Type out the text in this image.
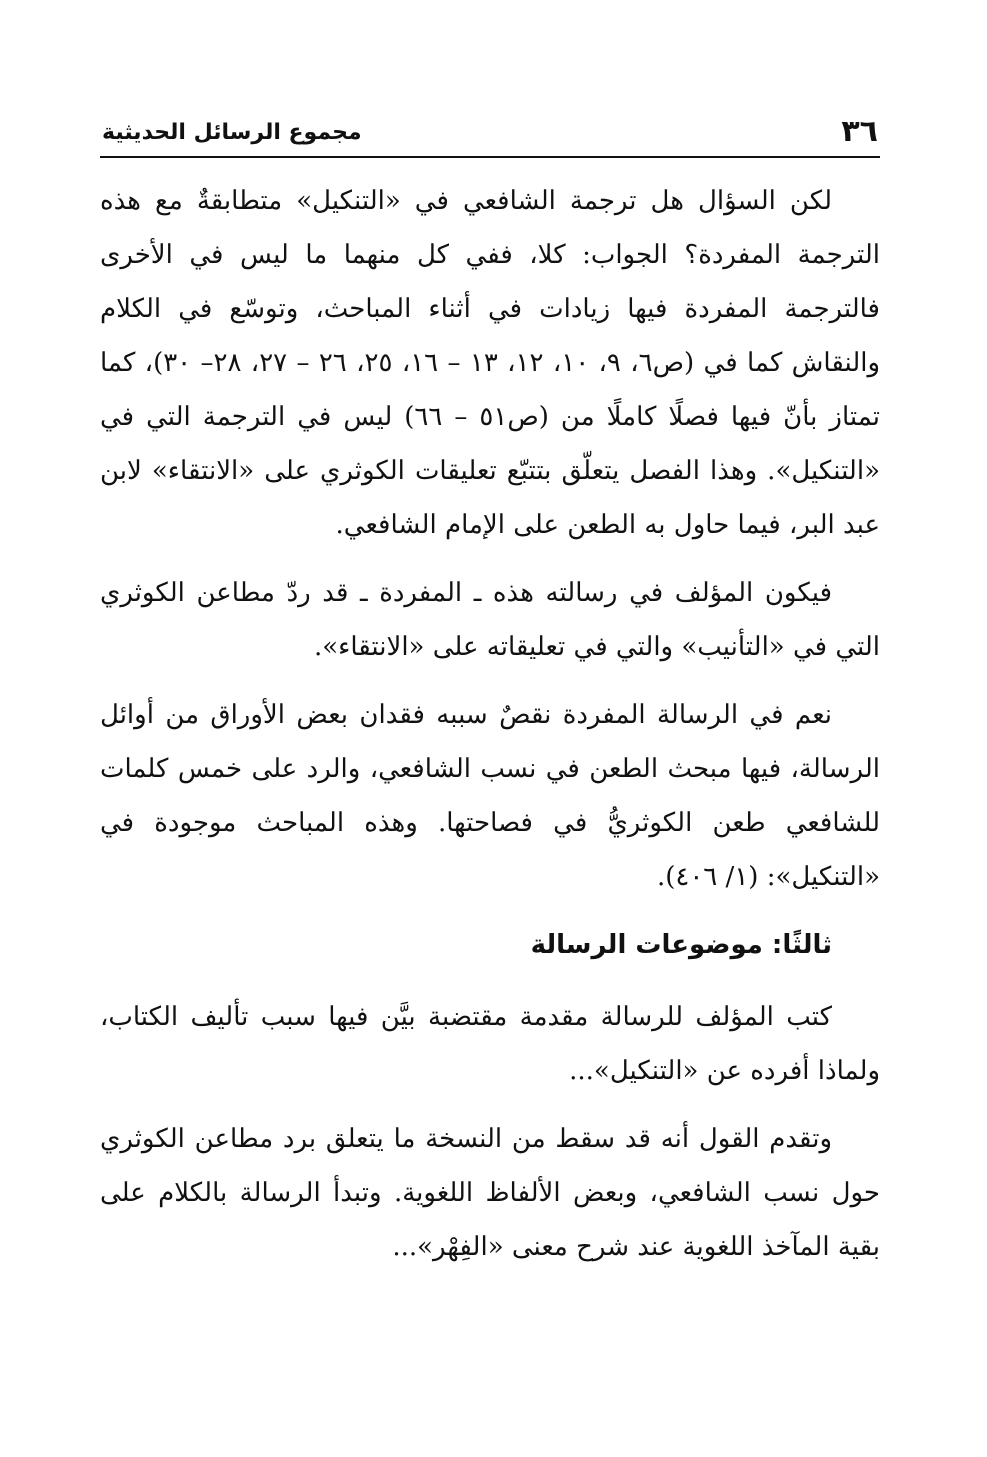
٣٦
مجموع الرسائل الحديثية

لكن السؤال هل ترجمة الشافعي في «التنكيل» متطابقةٌ مع هذه الترجمة المفردة؟ الجواب: كلا، ففي كل منهما ما ليس في الأخرى فالترجمة المفردة فيها زيادات في أثناء المباحث، وتوسّع في الكلام والنقاش كما في (ص٦، ٩، ١٠، ١٢، ١٣ – ١٦، ٢٥، ٢٦ – ٢٧، ٢٨– ٣٠)، كما تمتاز بأنّ فيها فصلًا كاملًا من (ص٥١ – ٦٦) ليس في الترجمة التي في «التنكيل». وهذا الفصل يتعلّق بتتبّع تعليقات الكوثري على «الانتقاء» لابن عبد البر، فيما حاول به الطعن على الإمام الشافعي.

فيكون المؤلف في رسالته هذه ـ المفردة ـ قد ردّ مطاعن الكوثري التي في «التأنيب» والتي في تعليقاته على «الانتقاء».

نعم في الرسالة المفردة نقصٌ سببه فقدان بعض الأوراق من أوائل الرسالة، فيها مبحث الطعن في نسب الشافعي، والرد على خمس كلمات للشافعي طعن الكوثريُّ في فصاحتها. وهذه المباحث موجودة في «التنكيل»: (١/ ٤٠٦).

ثالثًا: موضوعات الرسالة

كتب المؤلف للرسالة مقدمة مقتضبة بيَّن فيها سبب تأليف الكتاب، ولماذا أفرده عن «التنكيل»...

وتقدم القول أنه قد سقط من النسخة ما يتعلق برد مطاعن الكوثري حول نسب الشافعي، وبعض الألفاظ اللغوية. وتبدأ الرسالة بالكلام على بقية المآخذ اللغوية عند شرح معنى «الفِهْر»...
